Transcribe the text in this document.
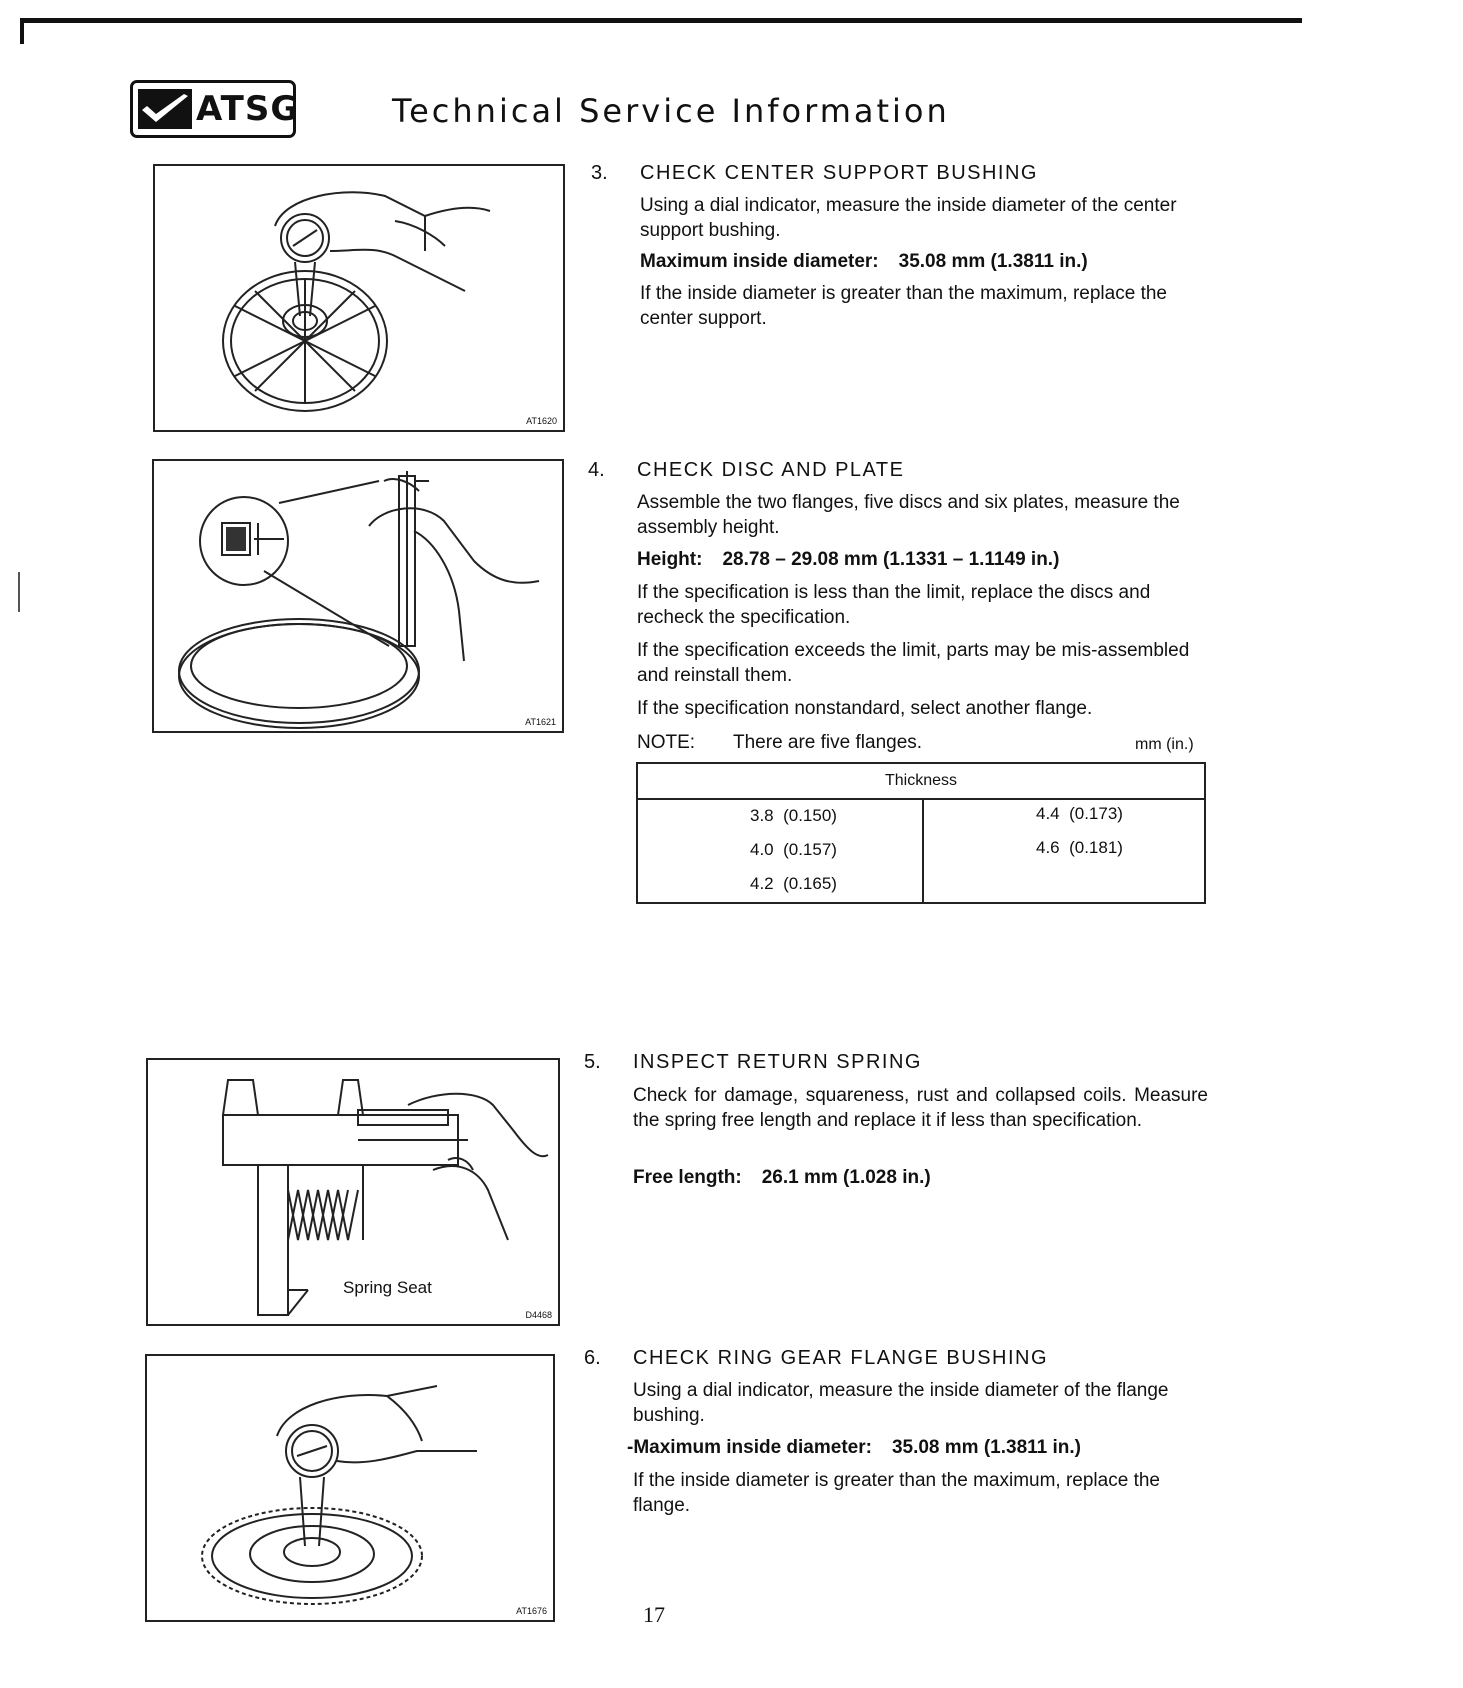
ATSG	Technical Service Information
AT1620
3. CHECK CENTER SUPPORT BUSHING

Using a dial indicator, measure the inside diameter of the center support bushing.

Maximum inside diameter: 35.08 mm (1.3811 in.)

If the inside diameter is greater than the maximum, replace the center support.

AT1621
4. CHECK DISC AND PLATE

Assemble the two flanges, five discs and six plates, measure the assembly height.

Height: 28.78 – 29.08 mm (1.1331 – 1.1149 in.)

If the specification is less than the limit, replace the discs and recheck the specification.

If the specification exceeds the limit, parts may be mis-assembled and reinstall them.

If the specification nonstandard, select another flange.

NOTE: There are five flanges.	mm (in.)
Thickness
3.8  (0.150)
4.0  (0.157)
4.2  (0.165)
4.4  (0.173)
4.6  (0.181)
Spring Seat
D4468
5. INSPECT RETURN SPRING

Check for damage, squareness, rust and collapsed coils. Measure the spring free length and replace it if less than specification.

Free length: 26.1 mm (1.028 in.)
AT1676
6. CHECK RING GEAR FLANGE BUSHING

Using a dial indicator, measure the inside diameter of the flange bushing.

-Maximum inside diameter: 35.08 mm (1.3811 in.)

If the inside diameter is greater than the maximum, replace the flange.

17
